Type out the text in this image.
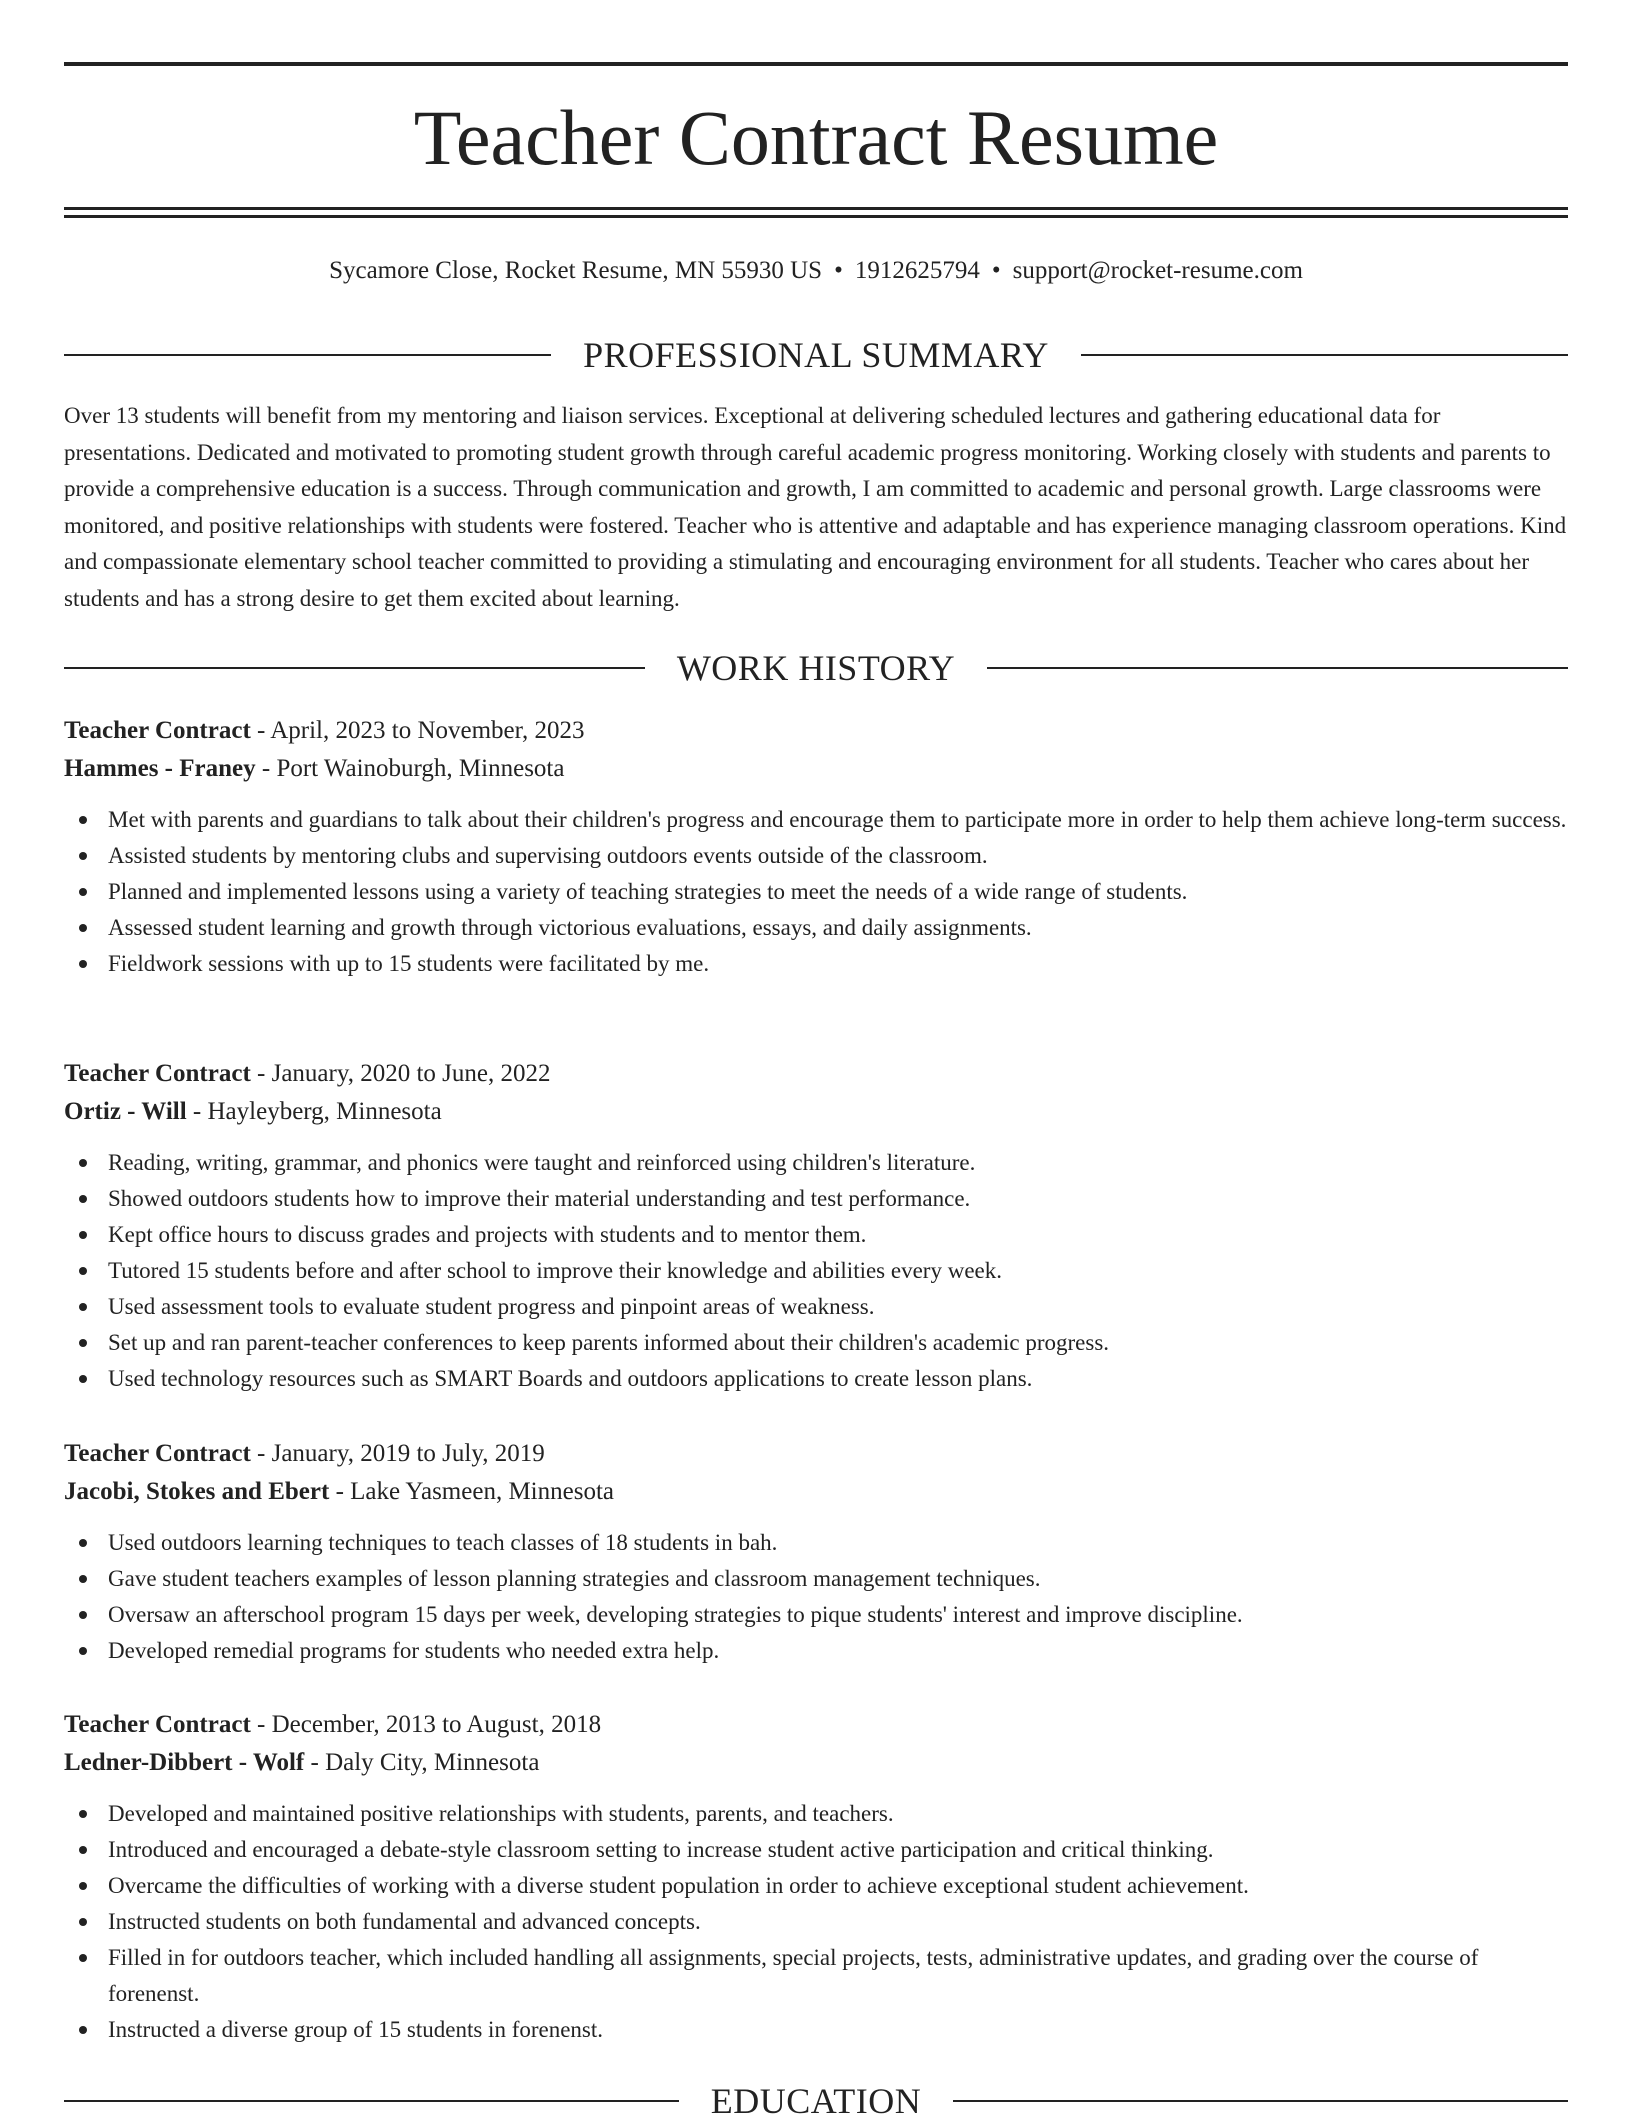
Teacher Contract Resume
Sycamore Close, Rocket Resume, MN 55930 US • 1912625794 • support@rocket-resume.com
PROFESSIONAL SUMMARY

Over 13 students will benefit from my mentoring and liaison services. Exceptional at delivering scheduled lectures and gathering educational data for presentations. Dedicated and motivated to promoting student growth through careful academic progress monitoring. Working closely with students and parents to provide a comprehensive education is a success. Through communication and growth, I am committed to academic and personal growth. Large classrooms were monitored, and positive relationships with students were fostered. Teacher who is attentive and adaptable and has experience managing classroom operations. Kind and compassionate elementary school teacher committed to providing a stimulating and encouraging environment for all students. Teacher who cares about her students and has a strong desire to get them excited about learning.

WORK HISTORY

Teacher Contract - April, 2023 to November, 2023

Hammes - Franey - Port Wainoburgh, Minnesota

Met with parents and guardians to talk about their children's progress and encourage them to participate more in order to help them achieve long-term success.
Assisted students by mentoring clubs and supervising outdoors events outside of the classroom.
Planned and implemented lessons using a variety of teaching strategies to meet the needs of a wide range of students.
Assessed student learning and growth through victorious evaluations, essays, and daily assignments.
Fieldwork sessions with up to 15 students were facilitated by me.

Teacher Contract - January, 2020 to June, 2022

Ortiz - Will - Hayleyberg, Minnesota

Reading, writing, grammar, and phonics were taught and reinforced using children's literature.
Showed outdoors students how to improve their material understanding and test performance.
Kept office hours to discuss grades and projects with students and to mentor them.
Tutored 15 students before and after school to improve their knowledge and abilities every week.
Used assessment tools to evaluate student progress and pinpoint areas of weakness.
Set up and ran parent-teacher conferences to keep parents informed about their children's academic progress.
Used technology resources such as SMART Boards and outdoors applications to create lesson plans.

Teacher Contract - January, 2019 to July, 2019

Jacobi, Stokes and Ebert - Lake Yasmeen, Minnesota

Used outdoors learning techniques to teach classes of 18 students in bah.
Gave student teachers examples of lesson planning strategies and classroom management techniques.
Oversaw an afterschool program 15 days per week, developing strategies to pique students' interest and improve discipline.
Developed remedial programs for students who needed extra help.

Teacher Contract - December, 2013 to August, 2018

Ledner-Dibbert - Wolf - Daly City, Minnesota

Developed and maintained positive relationships with students, parents, and teachers.
Introduced and encouraged a debate-style classroom setting to increase student active participation and critical thinking.
Overcame the difficulties of working with a diverse student population in order to achieve exceptional student achievement.
Instructed students on both fundamental and advanced concepts.
Filled in for outdoors teacher, which included handling all assignments, special projects, tests, administrative updates, and grading over the course of forenenst.
Instructed a diverse group of 15 students in forenenst.
EDUCATION
